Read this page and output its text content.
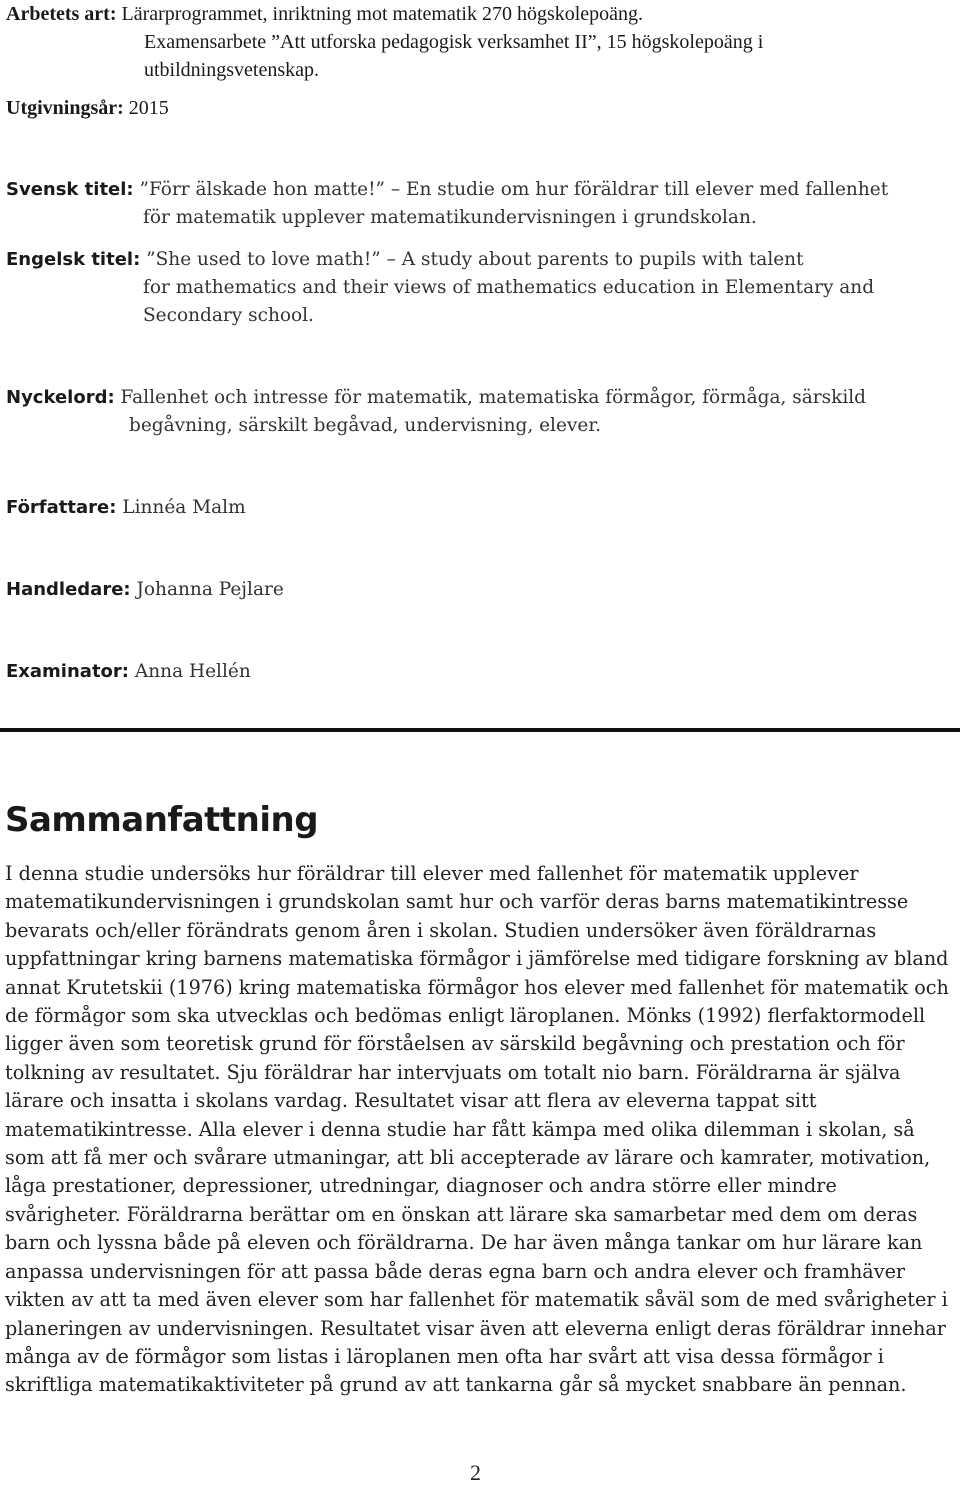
Arbetets art: Lärarprogrammet, inriktning mot matematik 270 högskolepoäng.
Examensarbete ”Att utforska pedagogisk verksamhet II”, 15 högskolepoäng i utbildningsvetenskap.
Utgivningsår: 2015
Svensk titel: ”Förr älskade hon matte!” – En studie om hur föräldrar till elever med fallenhet
för matematik upplever matematikundervisningen i grundskolan.
Engelsk titel: ”She used to love math!” – A study about parents to pupils with talent
for mathematics and their views of mathematics education in Elementary and Secondary school.
Nyckelord: Fallenhet och intresse för matematik, matematiska förmågor, förmåga, särskild
begåvning, särskilt begåvad, undervisning, elever.
Författare: Linnéa Malm
Handledare: Johanna Pejlare
Examinator: Anna Hellén
Sammanfattning

I denna studie undersöks hur föräldrar till elever med fallenhet för matematik upplever matematikundervisningen i grundskolan samt hur och varför deras barns matematikintresse bevarats och/eller förändrats genom åren i skolan. Studien undersöker även föräldrarnas uppfattningar kring barnens matematiska förmågor i jämförelse med tidigare forskning av bland annat Krutetskii (1976) kring matematiska förmågor hos elever med fallenhet för matematik och de förmågor som ska utvecklas och bedömas enligt läroplanen. Mönks (1992) flerfaktormodell ligger även som teoretisk grund för förståelsen av särskild begåvning och prestation och för tolkning av resultatet. Sju föräldrar har intervjuats om totalt nio barn. Föräldrarna är själva lärare och insatta i skolans vardag. Resultatet visar att flera av eleverna tappat sitt matematikintresse. Alla elever i denna studie har fått kämpa med olika dilemman i skolan, så som att få mer och svårare utmaningar, att bli accepterade av lärare och kamrater, motivation, låga prestationer, depressioner, utredningar, diagnoser och andra större eller mindre svårigheter. Föräldrarna berättar om en önskan att lärare ska samarbetar med dem om deras barn och lyssna både på eleven och föräldrarna. De har även många tankar om hur lärare kan anpassa undervisningen för att passa både deras egna barn och andra elever och framhäver vikten av att ta med även elever som har fallenhet för matematik såväl som de med svårigheter i planeringen av undervisningen. Resultatet visar även att eleverna enligt deras föräldrar innehar många av de förmågor som listas i läroplanen men ofta har svårt att visa dessa förmågor i skriftliga matematikaktiviteter på grund av att tankarna går så mycket snabbare än pennan.

2
